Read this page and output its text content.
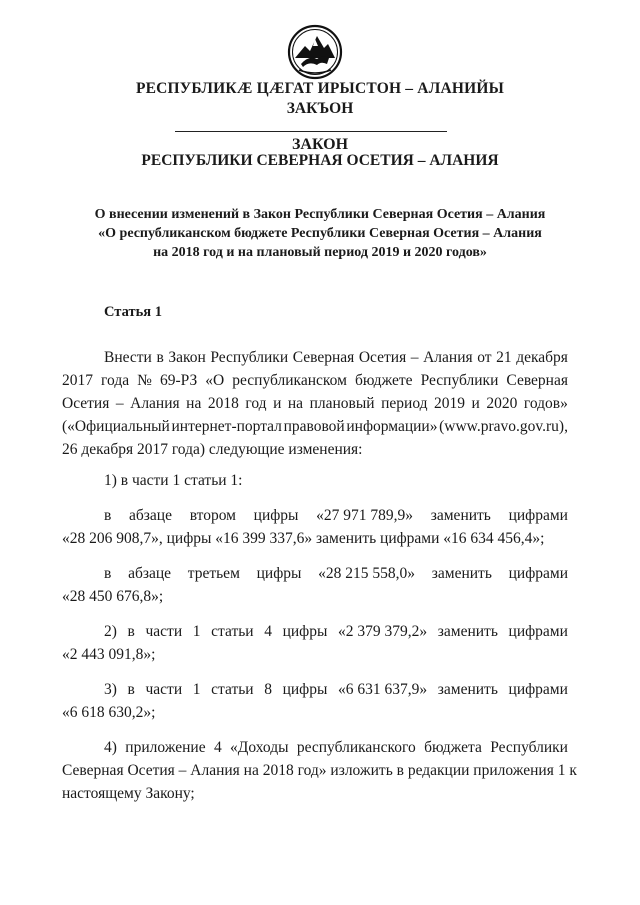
РЕСПУБЛИКӔ ЦӔГАТ ИРЫСТОН – АЛАНИЙЫ
ЗАКЪОН
ЗАКОН
РЕСПУБЛИКИ СЕВЕРНАЯ ОСЕТИЯ – АЛАНИЯ
О внесении изменений в Закон Республики Северная Осетия – Алания
«О республиканском бюджете Республики Северная Осетия – Алания
на 2018 год и на плановый период 2019 и 2020 годов»
Статья 1
Внести в Закон Республики Северная Осетия – Алания от 21 декабря
2017 года № 69-РЗ «О республиканском бюджете Республики Северная
Осетия – Алания на 2018 год и на плановый период 2019 и 2020 годов»
(«Официальный интернет-портал правовой информации» (www.pravo.gov.ru),
26 декабря 2017 года) следующие изменения:
1) в части 1 статьи 1:
в абзаце втором цифры «27 971 789,9» заменить цифрами
«28 206 908,7», цифры «16 399 337,6» заменить цифрами «16 634 456,4»;
в абзаце третьем цифры «28 215 558,0» заменить цифрами
«28 450 676,8»;
2) в части 1 статьи 4 цифры «2 379 379,2» заменить цифрами
«2 443 091,8»;
3) в части 1 статьи 8 цифры «6 631 637,9» заменить цифрами
«6 618 630,2»;
4) приложение 4 «Доходы республиканского бюджета Республики
Северная Осетия – Алания на 2018 год» изложить в редакции приложения 1 к
настоящему Закону;
